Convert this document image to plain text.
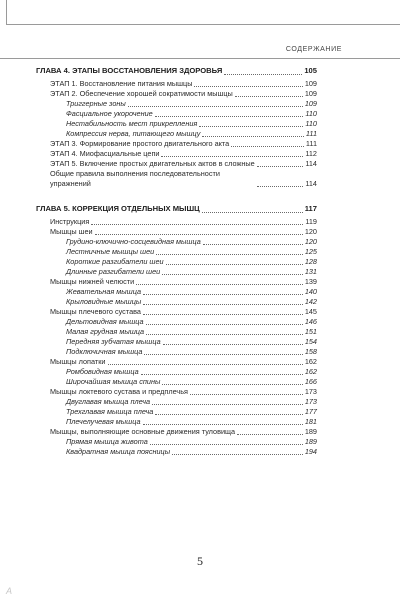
СОДЕРЖАНИЕ
ГЛАВА 4. ЭТАПЫ ВОССТАНОВЛЕНИЯ ЗДОРОВЬЯ	105
ЭТАП 1. Восстановление питания мышцы	109
ЭТАП 2. Обеспечение хорошей сократимости мышцы	109
Триггерные зоны	109
Фасциальное укорочение	110
Нестабильность мест прикрепления	110
Компрессия нерва, питающего мышцу	111
ЭТАП 3. Формирование простого двигательного акта	111
ЭТАП 4. Миофасциальные цепи	112
ЭТАП 5. Включение простых двигательных актов в сложные	114
Общие правила выполнения последовательности упражнений	114
ГЛАВА 5. КОРРЕКЦИЯ ОТДЕЛЬНЫХ МЫШЦ	117
Инструкция	119
Мышцы шеи	120
Грудино-ключично-сосцевидная мышца	120
Лестничные мышцы шеи	125
Короткие разгибатели шеи	128
Длинные разгибатели шеи	131
Мышцы нижней челюсти	139
Жевательная мышца	140
Крыловидные мышцы	142
Мышцы плечевого сустава	145
Дельтовидная мышца	146
Малая грудная мышца	151
Передняя зубчатая мышца	154
Подключичная мышца	158
Мышцы лопатки	162
Ромбовидная мышца	162
Широчайшая мышца спины	166
Мышцы локтевого сустава и предплечья	173
Двуглавая мышца плеча	173
Трехглавая мышца плеча	177
Плечелучевая мышца	181
Мышцы, выполняющие основные движения туловища	189
Прямая мышца живота	189
Квадратная мышца поясницы	194
5
А
